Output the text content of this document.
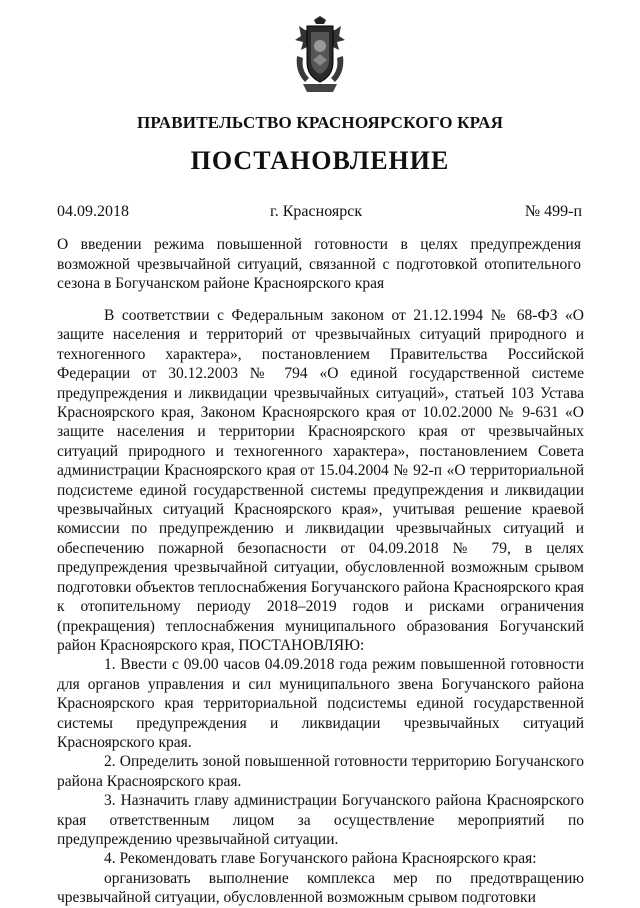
ПРАВИТЕЛЬСТВО КРАСНОЯРСКОГО КРАЯ
ПОСТАНОВЛЕНИЕ
04.09.2018	г. Красноярск	№ 499-п
О введении режима повышенной готовности в целях предупреждения возможной чрезвычайной ситуаций, связанной с подготовкой отопительного сезона в Богучанском районе Красноярского края

В соответствии с Федеральным законом от 21.12.1994 № 68-ФЗ «О защите населения и территорий от чрезвычайных ситуаций природного и техногенного характера», постановлением Правительства Российской Федерации от 30.12.2003 № 794 «О единой государственной системе предупреждения и ликвидации чрезвычайных ситуаций», статьей 103 Устава Красноярского края, Законом Красноярского края от 10.02.2000 № 9-631 «О защите населения и территории Красноярского края от чрезвычайных ситуаций природного и техногенного характера», постановлением Совета администрации Красноярского края от 15.04.2004 № 92-п «О территориальной подсистеме единой государственной системы предупреждения и ликвидации чрезвычайных ситуаций Красноярского края», учитывая решение краевой комиссии по предупреждению и ликвидации чрезвычайных ситуаций и обеспечению пожарной безопасности от 04.09.2018 № 79, в целях предупреждения чрезвычайной ситуации, обусловленной возможным срывом подготовки объектов теплоснабжения Богучанского района Красноярского края к отопительному периоду 2018–2019 годов и рисками ограничения (прекращения) теплоснабжения муниципального образования Богучанский район Красноярского края, ПОСТАНОВЛЯЮ:

1. Ввести с 09.00 часов 04.09.2018 года режим повышенной готовности для органов управления и сил муниципального звена Богучанского района Красноярского края территориальной подсистемы единой государственной системы предупреждения и ликвидации чрезвычайных ситуаций Красноярского края.

2. Определить зоной повышенной готовности территорию Богучанского района Красноярского края.

3. Назначить главу администрации Богучанского района Красноярского края ответственным лицом за осуществление мероприятий по предупреждению чрезвычайной ситуации.

4. Рекомендовать главе Богучанского района Красноярского края:

организовать выполнение комплекса мер по предотвращению чрезвычайной ситуации, обусловленной возможным срывом подготовки
